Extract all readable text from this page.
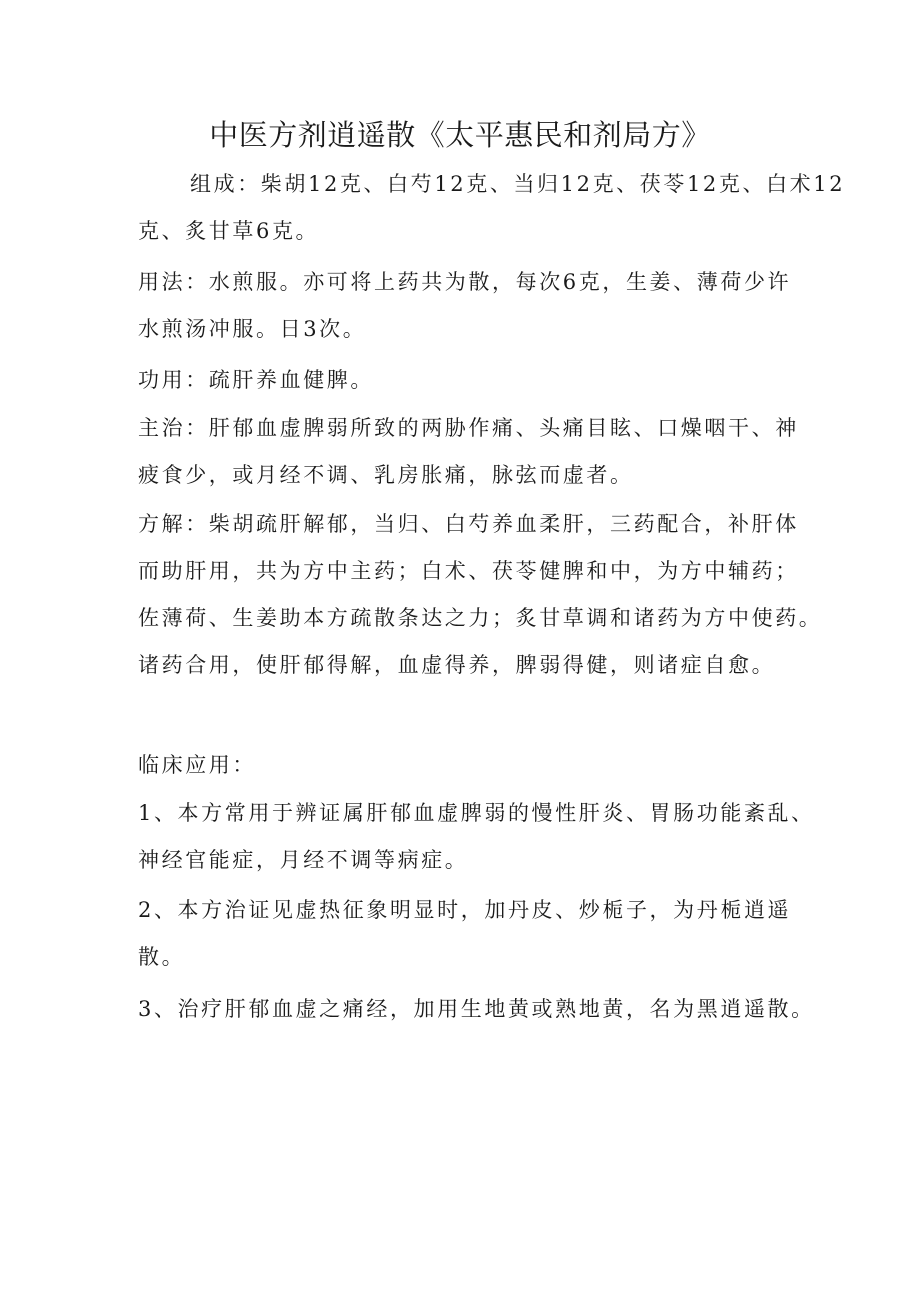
中医方剂逍遥散《太平惠民和剂局方》
组成：柴胡12克、白芍12克、当归12克、茯苓12克、白术12
克、炙甘草6克。
用法：水煎服。亦可将上药共为散，每次6克，生姜、薄荷少许
水煎汤冲服。日3次。
功用：疏肝养血健脾。
主治：肝郁血虚脾弱所致的两胁作痛、头痛目眩、口燥咽干、神
疲食少，或月经不调、乳房胀痛，脉弦而虚者。
方解：柴胡疏肝解郁，当归、白芍养血柔肝，三药配合，补肝体
而助肝用，共为方中主药；白术、茯苓健脾和中，为方中辅药；
佐薄荷、生姜助本方疏散条达之力；炙甘草调和诸药为方中使药。
诸药合用，使肝郁得解，血虚得养，脾弱得健，则诸症自愈。
临床应用：
1、本方常用于辨证属肝郁血虚脾弱的慢性肝炎、胃肠功能紊乱、
神经官能症，月经不调等病症。
2、本方治证见虚热征象明显时，加丹皮、炒栀子，为丹栀逍遥
散。
3、治疗肝郁血虚之痛经，加用生地黄或熟地黄，名为黑逍遥散。
